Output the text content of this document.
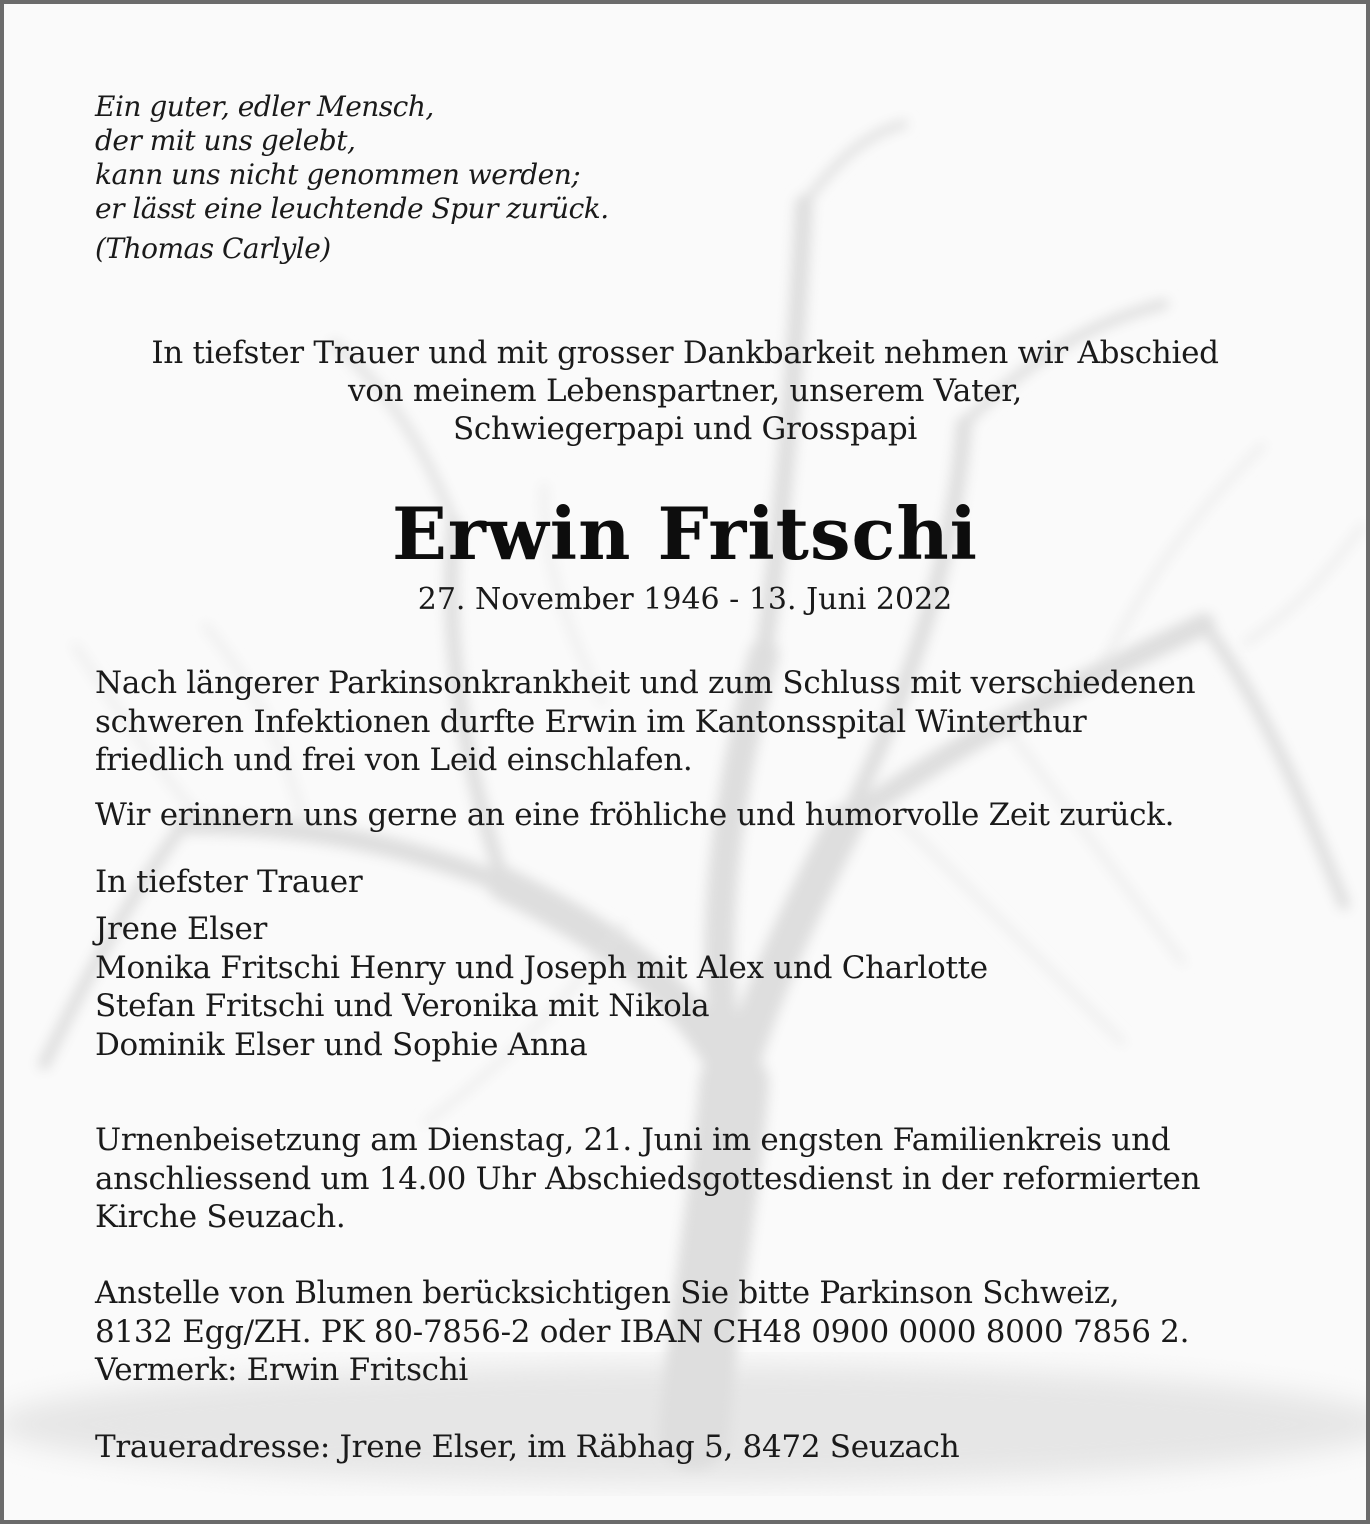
Ein guter, edler Mensch,
der mit uns gelebt,
kann uns nicht genommen werden;
er lässt eine leuchtende Spur zurück.
(Thomas Carlyle)
In tiefster Trauer und mit grosser Dankbarkeit nehmen wir Abschied
von meinem Lebenspartner, unserem Vater,
Schwiegerpapi und Grosspapi
Erwin Fritschi
27. November 1946 - 13. Juni 2022
Nach längerer Parkinsonkrankheit und zum Schluss mit verschiedenen
schweren Infektionen durfte Erwin im Kantonsspital Winterthur
friedlich und frei von Leid einschlafen.
Wir erinnern uns gerne an eine fröhliche und humorvolle Zeit zurück.
In tiefster Trauer
Jrene Elser
Monika Fritschi Henry und Joseph mit Alex und Charlotte
Stefan Fritschi und Veronika mit Nikola
Dominik Elser und Sophie Anna
Urnenbeisetzung am Dienstag, 21. Juni im engsten Familienkreis und
anschliessend um 14.00 Uhr Abschiedsgottesdienst in der reformierten
Kirche Seuzach.
Anstelle von Blumen berücksichtigen Sie bitte Parkinson Schweiz,
8132 Egg/ZH. PK 80-7856-2 oder IBAN CH48 0900 0000 8000 7856 2.
Vermerk: Erwin Fritschi
Traueradresse: Jrene Elser, im Räbhag 5, 8472 Seuzach
